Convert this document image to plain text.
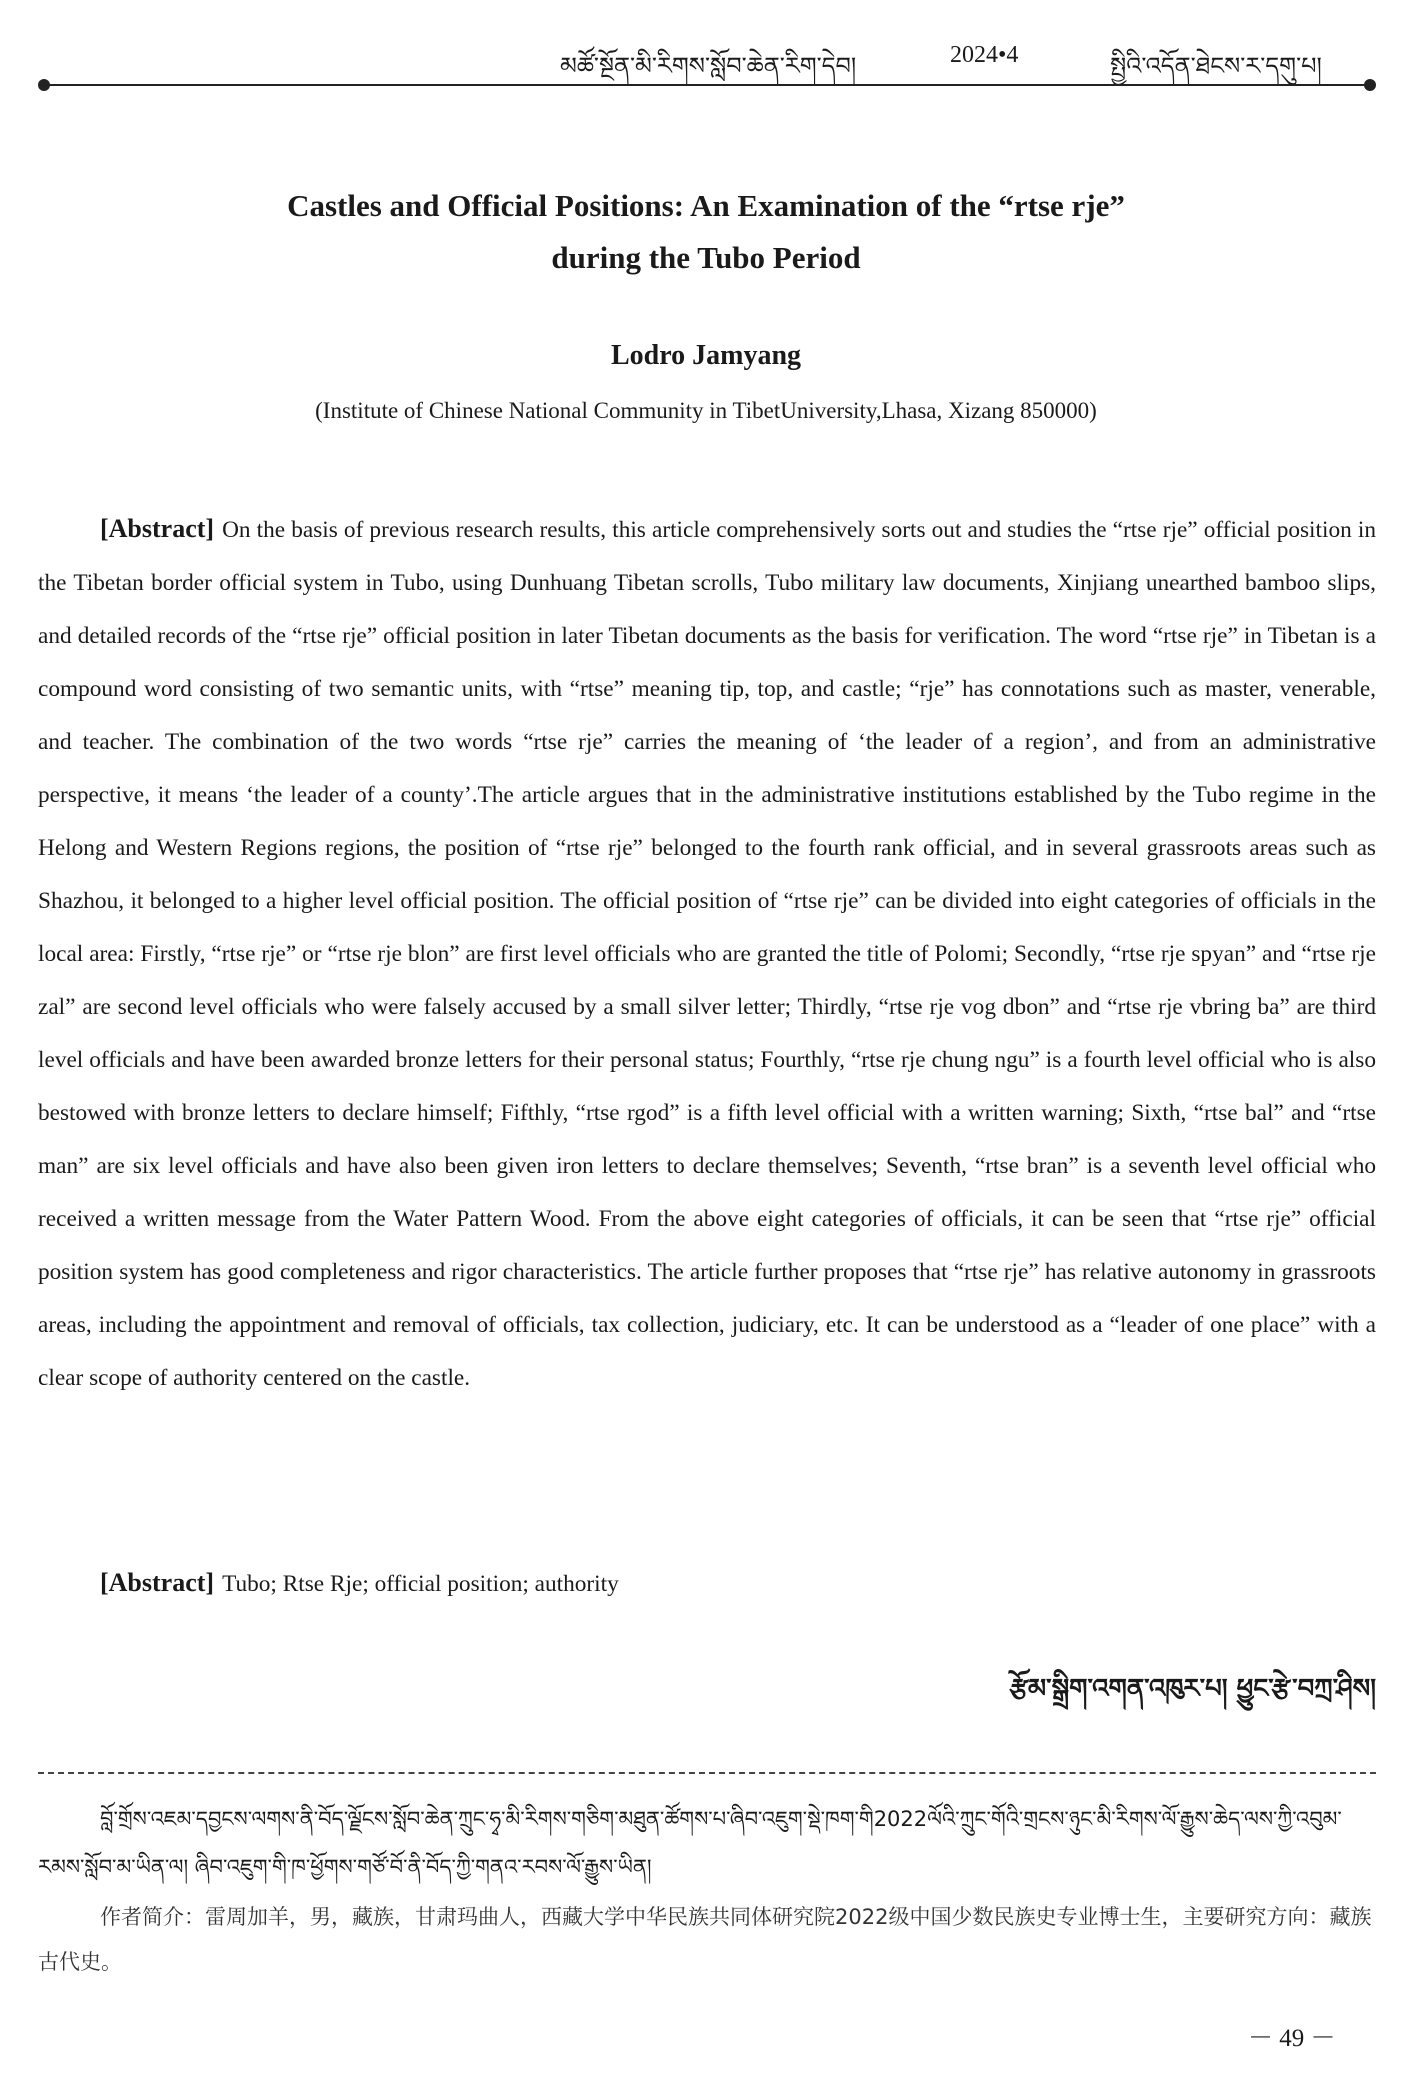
མཚོ་སྔོན་མི་རིགས་སློབ་ཆེན་རིག་དེབ།	2024•4	སྤྱིའི་འདོན་ཐེངས་ར་དགུ་པ།
Castles and Official Positions: An Examination of the “rtse rje”
during the Tubo Period
Lodro Jamyang
(Institute of Chinese National Community in TibetUniversity,Lhasa, Xizang 850000)

[Abstract] On the basis of previous research results, this article comprehensively sorts out and studies the “rtse rje” official position in the Tibetan border official system in Tubo, using Dunhuang Tibetan scrolls, Tubo military law documents, Xinjiang unearthed bamboo slips, and detailed records of the “rtse rje” official position in later Tibetan documents as the basis for verification. The word “rtse rje” in Tibetan is a compound word consisting of two semantic units, with “rtse” meaning tip, top, and castle; “rje” has connotations such as master, venerable, and teacher. The combination of the two words “rtse rje” carries the meaning of ‘the leader of a region’, and from an administrative perspective, it means ‘the leader of a county’.The article argues that in the administrative institutions established by the Tubo regime in the Helong and Western Regions regions, the position of “rtse rje” belonged to the fourth rank official, and in several grassroots areas such as Shazhou, it belonged to a higher level official position. The official position of “rtse rje” can be divided into eight categories of officials in the local area: Firstly, “rtse rje” or “rtse rje blon” are first level officials who are granted the title of Polomi; Secondly, “rtse rje spyan” and “rtse rje zal” are second level officials who were falsely accused by a small silver letter; Thirdly, “rtse rje vog dbon” and “rtse rje vbring ba” are third level officials and have been awarded bronze letters for their personal status; Fourthly, “rtse rje chung ngu” is a fourth level official who is also bestowed with bronze letters to declare himself; Fifthly, “rtse rgod” is a fifth level official with a written warning; Sixth, “rtse bal” and “rtse man” are six level officials and have also been given iron letters to declare themselves; Seventh, “rtse bran” is a seventh level official who received a written message from the Water Pattern Wood. From the above eight categories of officials, it can be seen that “rtse rje” official position system has good completeness and rigor characteristics. The article further proposes that “rtse rje” has relative autonomy in grassroots areas, including the appointment and removal of officials, tax collection, judiciary, etc. It can be understood as a “leader of one place” with a clear scope of authority centered on the castle.

[Abstract] Tubo; Rtse Rje; official position; authority

རྩོམ་སྒྲིག་འགན་འཁུར་པ། ཕྱུང་རྩེ་བཀྲ་ཤིས།

བློ་གྲོས་འཇམ་དབྱངས་ལགས་ནི་བོད་ལྗོངས་སློབ་ཆེན་ཀྲུང་ཧྭ་མི་རིགས་གཅིག་མཐུན་ཚོགས་པ་ཞིབ་འཇུག་སྡེ་ཁག་གི2022ལོའི་ཀྲུང་གོའི་གྲངས་ཉུང་མི་རིགས་ལོ་རྒྱུས་ཆེད་ལས་ཀྱི་འབུམ་རམས་སློབ་མ་ཡིན་ལ། ཞིབ་འཇུག་གི་ཁ་ཕྱོགས་གཙོ་བོ་ནི་བོད་ཀྱི་གནའ་རབས་ལོ་རྒྱུས་ཡིན།

作者简介：雷周加羊，男，藏族，甘肃玛曲人，西藏大学中华民族共同体研究院2022级中国少数民族史专业博士生，主要研究方向：藏族古代史。

－ 49 －
